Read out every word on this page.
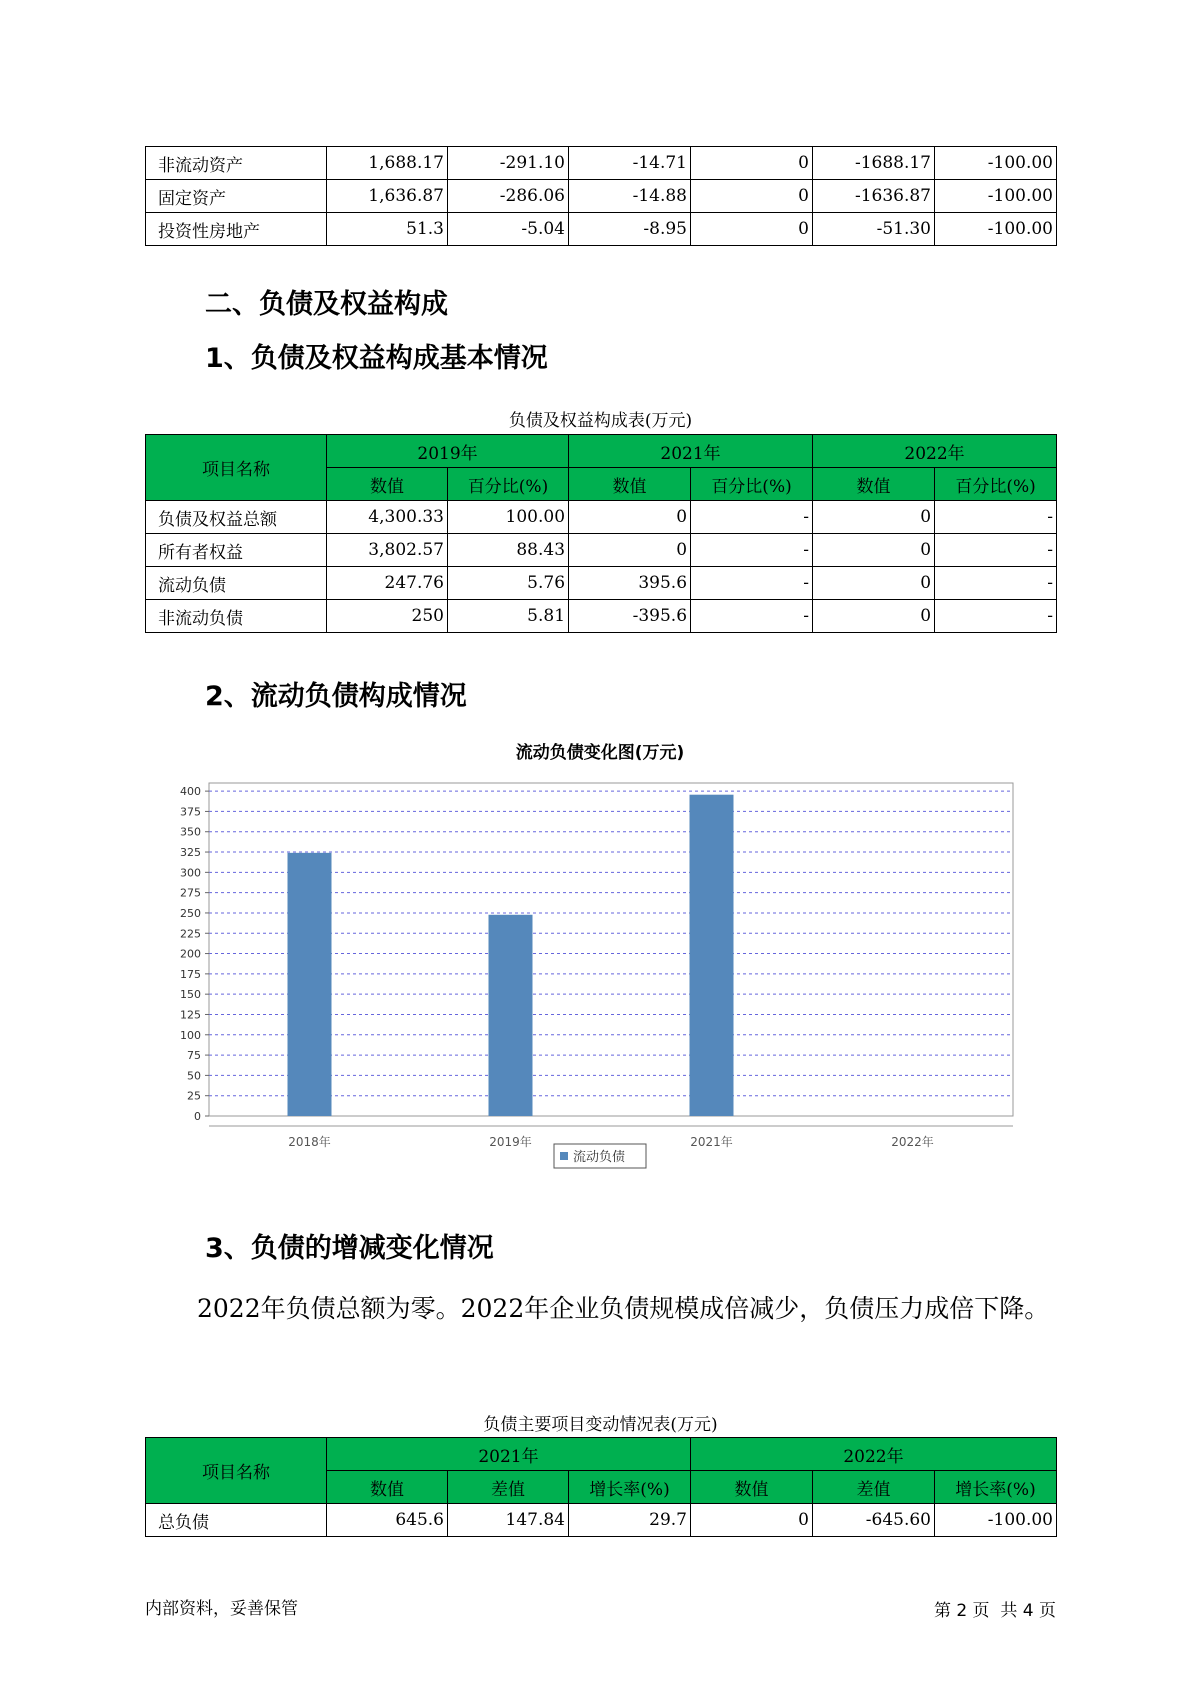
非流动资产	1,688.17	-291.10	-14.71	0	-1688.17	-100.00
固定资产	1,636.87	-286.06	-14.88	0	-1636.87	-100.00
投资性房地产	51.3	-5.04	-8.95	0	-51.30	-100.00
二、负债及权益构成
1、负债及权益构成基本情况
负债及权益构成表(万元)
项目名称	2019年		2021年		2022年	
	数值	百分比(%)	数值	百分比(%)	数值	百分比(%)
负债及权益总额	4,300.33	100.00	0	-	0	-
所有者权益	3,802.57	88.43	0	-	0	-
流动负债	247.76	5.76	395.6	-	0	-
非流动负债	250	5.81	-395.6	-	0	-
2、流动负债构成情况
流动负债变化图(万元)
0
25
50
75
100
125
150
175
200
225
250
275
300
325
350
375
400
2018年	2019年	2021年	2022年
流动负债
3、负债的增减变化情况
2022年负债总额为零。2022年企业负债规模成倍减少，负债压力成倍下降。
负债主要项目变动情况表(万元)
项目名称	2021年			2022年		
	数值	差值	增长率(%)	数值	差值	增长率(%)
总负债	645.6	147.84	29.7	0	-645.60	-100.00
内部资料，妥善保管	第 2 页  共 4 页
